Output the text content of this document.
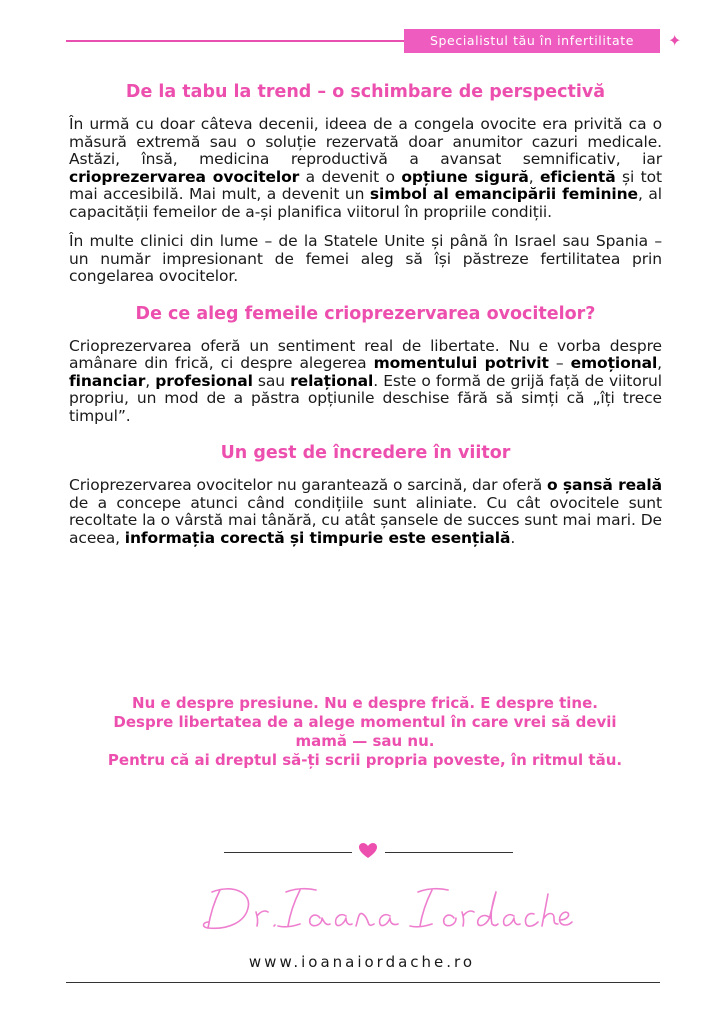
Specialistul tău în infertilitate	✦
De la tabu la trend – o schimbare de perspectivă

În urmă cu doar câteva decenii, ideea de a congela ovocite era privită ca o măsură extremă sau o soluție rezervată doar anumitor cazuri medicale. Astăzi, însă, medicina reproductivă a avansat semnificativ, iar crioprezervarea ovocitelor a devenit o opțiune sigură, eficientă și tot mai accesibilă. Mai mult, a devenit un simbol al emancipării feminine, al capacității femeilor de a-și planifica viitorul în propriile condiții.

În multe clinici din lume – de la Statele Unite și până în Israel sau Spania – un număr impresionant de femei aleg să își păstreze fertilitatea prin congelarea ovocitelor.

De ce aleg femeile crioprezervarea ovocitelor?

Crioprezervarea oferă un sentiment real de libertate. Nu e vorba despre amânare din frică, ci despre alegerea momentului potrivit – emoțional, financiar, profesional sau relațional. Este o formă de grijă față de viitorul propriu, un mod de a păstra opțiunile deschise fără să simți că „îți trece timpul”.

Un gest de încredere în viitor

Crioprezervarea ovocitelor nu garantează o sarcină, dar oferă o șansă reală de a concepe atunci când condițiile sunt aliniate. Cu cât ovocitele sunt recoltate la o vârstă mai tânără, cu atât șansele de succes sunt mai mari. De aceea, informația corectă și timpurie este esențială.

Nu e despre presiune. Nu e despre frică. E despre tine.
Despre libertatea de a alege momentul în care vrei să devii
mamă — sau nu.
Pentru că ai dreptul să-ți scrii propria poveste, în ritmul tău.
www.ioanaiordache.ro
